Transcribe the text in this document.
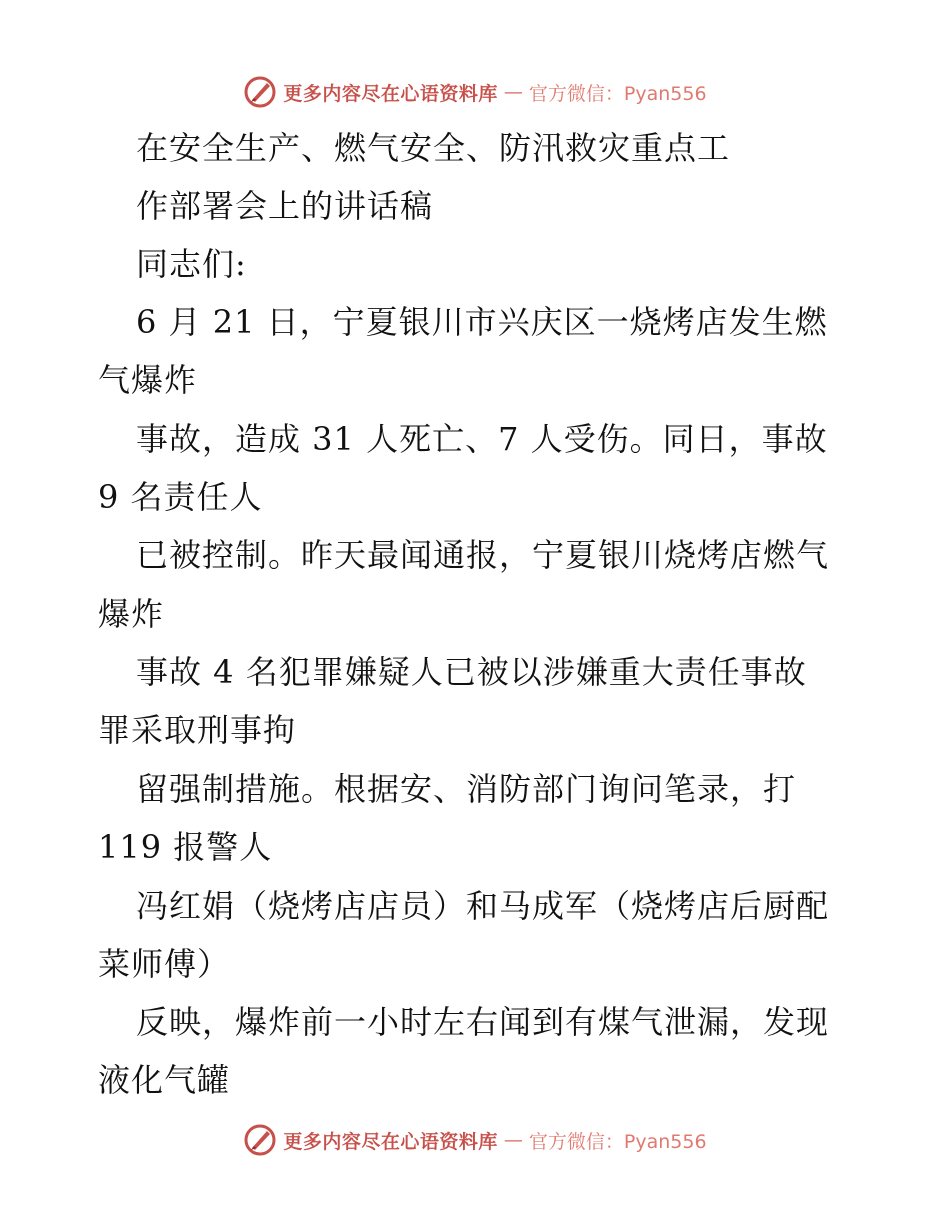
更多内容尽在心语资料库 — 官方微信：Pyan556
在安全生产、燃气安全、防汛救灾重点工
作部署会上的讲话稿
同志们:
6 月 21 日，宁夏银川市兴庆区一烧烤店发生燃
气爆炸
事故，造成 31 人死亡、7 人受伤。同日，事故
9 名责任人
已被控制。昨天最闻通报，宁夏银川烧烤店燃气
爆炸
事故 4 名犯罪嫌疑人已被以涉嫌重大责任事故
罪采取刑事拘
留强制措施。根据安、消防部门询问笔录，打
119 报警人
冯红娟（烧烤店店员）和马成军（烧烤店后厨配
菜师傅）
反映，爆炸前一小时左右闻到有煤气泄漏，发现
液化气罐
更多内容尽在心语资料库 — 官方微信：Pyan556
